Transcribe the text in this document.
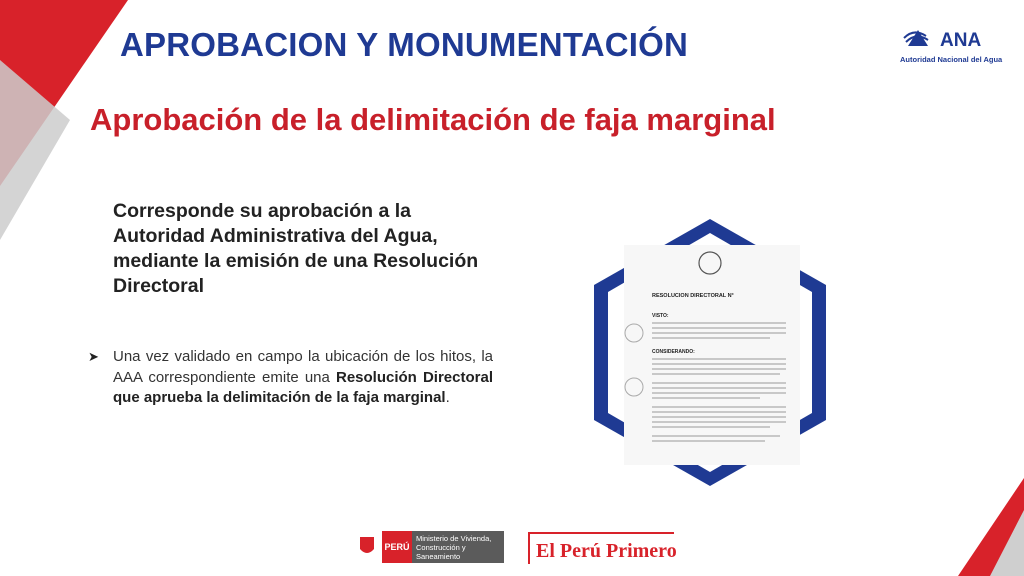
APROBACION Y MONUMENTACIÓN	ANA
Autoridad Nacional del Agua
Aprobación de la delimitación de faja marginal

Corresponde su aprobación a la Autoridad Administrativa del Agua, mediante la emisión de una Resolución Directoral

➤ Una vez validado en campo la ubicación de los hitos, la AAA correspondiente emite una Resolución Directoral que aprueba la delimitación de la faja marginal.

RESOLUCION DIRECTORAL N°
VISTO:
CONSIDERANDO:
PERÚ
Ministerio de Vivienda, Construcción y Saneamiento	El Perú Primero
